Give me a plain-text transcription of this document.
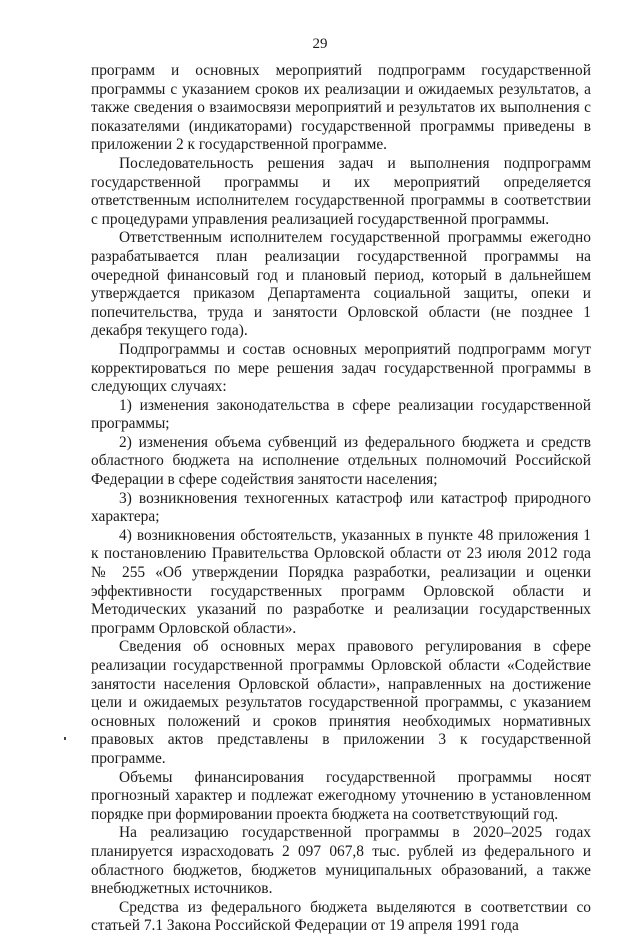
29

программ и основных мероприятий подпрограмм государственной программы с указанием сроков их реализации и ожидаемых результатов, а также сведения о взаимосвязи мероприятий и результатов их выполнения с показателями (индикаторами) государственной программы приведены в приложении 2 к государственной программе.

Последовательность решения задач и выполнения подпрограмм государственной программы и их мероприятий определяется ответственным исполнителем государственной программы в соответствии с процедурами управления реализацией государственной программы.

Ответственным исполнителем государственной программы ежегодно разрабатывается план реализации государственной программы на очередной финансовый год и плановый период, который в дальнейшем утверждается приказом Департамента социальной защиты, опеки и попечительства, труда и занятости Орловской области (не позднее 1 декабря текущего года).

Подпрограммы и состав основных мероприятий подпрограмм могут корректироваться по мере решения задач государственной программы в следующих случаях:

1) изменения законодательства в сфере реализации государственной программы;

2) изменения объема субвенций из федерального бюджета и средств областного бюджета на исполнение отдельных полномочий Российской Федерации в сфере содействия занятости населения;

3) возникновения техногенных катастроф или катастроф природного характера;

4) возникновения обстоятельств, указанных в пункте 48 приложения 1 к постановлению Правительства Орловской области от 23 июля 2012 года № 255 «Об утверждении Порядка разработки, реализации и оценки эффективности государственных программ Орловской области и Методических указаний по разработке и реализации государственных программ Орловской области».

Сведения об основных мерах правового регулирования в сфере реализации государственной программы Орловской области «Содействие занятости населения Орловской области», направленных на достижение цели и ожидаемых результатов государственной программы, с указанием основных положений и сроков принятия необходимых нормативных правовых актов представлены в приложении 3 к государственной программе.

Объемы финансирования государственной программы носят прогнозный характер и подлежат ежегодному уточнению в установленном порядке при формировании проекта бюджета на соответствующий год.

На реализацию государственной программы в 2020–2025 годах планируется израсходовать 2 097 067,8 тыс. рублей из федерального и областного бюджетов, бюджетов муниципальных образований, а также внебюджетных источников.

Средства из федерального бюджета выделяются в соответствии со статьей 7.1 Закона Российской Федерации от 19 апреля 1991 года
